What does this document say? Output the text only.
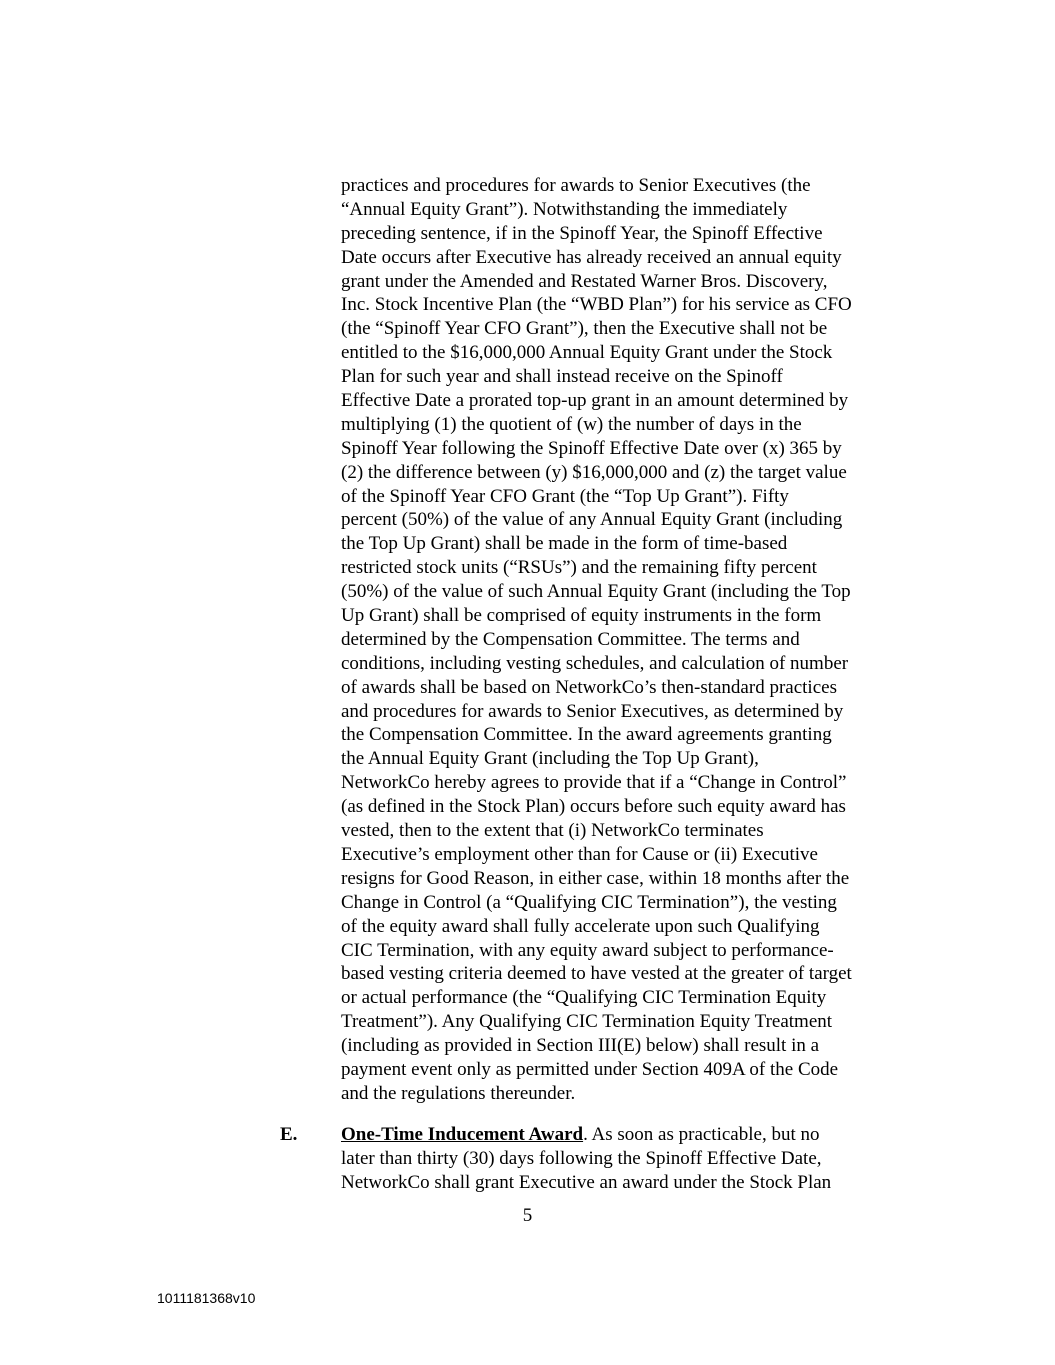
practices and procedures for awards to Senior Executives (the
“Annual Equity Grant”). Notwithstanding the immediately
preceding sentence, if in the Spinoff Year, the Spinoff Effective
Date occurs after Executive has already received an annual equity
grant under the Amended and Restated Warner Bros. Discovery,
Inc. Stock Incentive Plan (the “WBD Plan”) for his service as CFO
(the “Spinoff Year CFO Grant”), then the Executive shall not be
entitled to the $16,000,000 Annual Equity Grant under the Stock
Plan for such year and shall instead receive on the Spinoff
Effective Date a prorated top-up grant in an amount determined by
multiplying (1) the quotient of (w) the number of days in the
Spinoff Year following the Spinoff Effective Date over (x) 365 by
(2) the difference between (y) $16,000,000 and (z) the target value
of the Spinoff Year CFO Grant (the “Top Up Grant”). Fifty
percent (50%) of the value of any Annual Equity Grant (including
the Top Up Grant) shall be made in the form of time-based
restricted stock units (“RSUs”) and the remaining fifty percent
(50%) of the value of such Annual Equity Grant (including the Top
Up Grant) shall be comprised of equity instruments in the form
determined by the Compensation Committee. The terms and
conditions, including vesting schedules, and calculation of number
of awards shall be based on NetworkCo’s then-standard practices
and procedures for awards to Senior Executives, as determined by
the Compensation Committee. In the award agreements granting
the Annual Equity Grant (including the Top Up Grant),
NetworkCo hereby agrees to provide that if a “Change in Control”
(as defined in the Stock Plan) occurs before such equity award has
vested, then to the extent that (i) NetworkCo terminates
Executive’s employment other than for Cause or (ii) Executive
resigns for Good Reason, in either case, within 18 months after the
Change in Control (a “Qualifying CIC Termination”), the vesting
of the equity award shall fully accelerate upon such Qualifying
CIC Termination, with any equity award subject to performance-
based vesting criteria deemed to have vested at the greater of target
or actual performance (the “Qualifying CIC Termination Equity
Treatment”). Any Qualifying CIC Termination Equity Treatment
(including as provided in Section III(E) below) shall result in a
payment event only as permitted under Section 409A of the Code
and the regulations thereunder.
E. One-Time Inducement Award. As soon as practicable, but no
later than thirty (30) days following the Spinoff Effective Date,
NetworkCo shall grant Executive an award under the Stock Plan
5
1011181368v10
